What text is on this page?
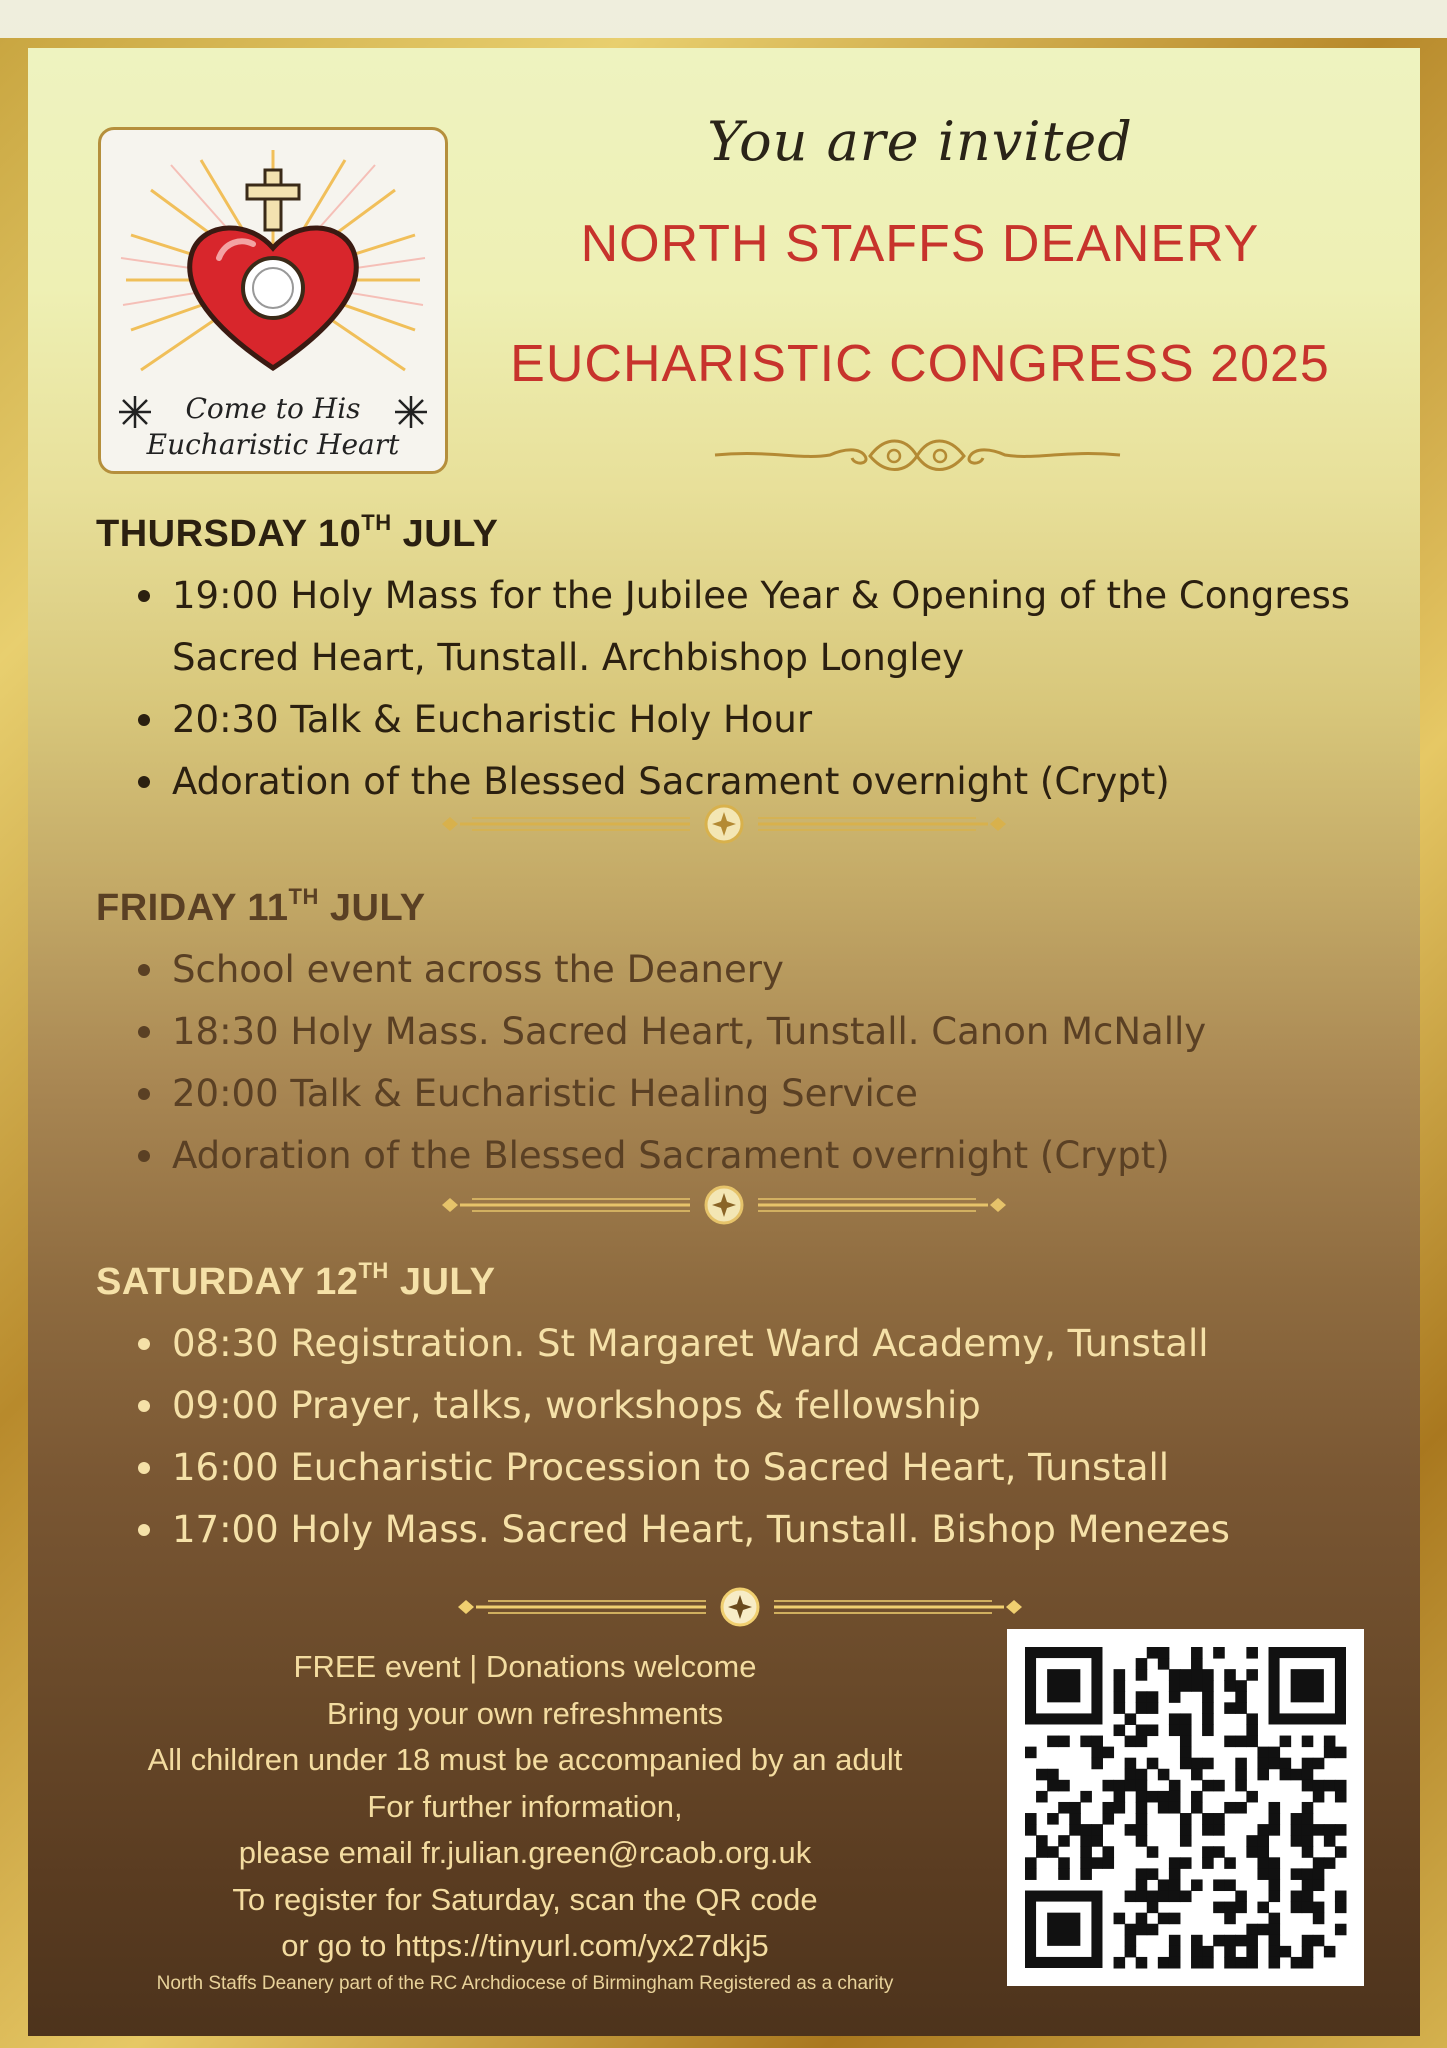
Come to His
Eucharistic Heart
You are invited
NORTH STAFFS DEANERY
EUCHARISTIC CONGRESS 2025
THURSDAY 10TH JULY
19:00 Holy Mass for the Jubilee Year & Opening of the Congress
Sacred Heart, Tunstall. Archbishop Longley
20:30 Talk & Eucharistic Holy Hour
Adoration of the Blessed Sacrament overnight (Crypt)
FRIDAY 11TH JULY
School event across the Deanery
18:30 Holy Mass. Sacred Heart, Tunstall. Canon McNally
20:00 Talk & Eucharistic Healing Service
Adoration of the Blessed Sacrament overnight (Crypt)
SATURDAY 12TH JULY
08:30 Registration. St Margaret Ward Academy, Tunstall
09:00 Prayer, talks, workshops & fellowship
16:00 Eucharistic Procession to Sacred Heart, Tunstall
17:00 Holy Mass. Sacred Heart, Tunstall. Bishop Menezes
FREE event | Donations welcome
Bring your own refreshments
All children under 18 must be accompanied by an adult
For further information,
please email fr.julian.green@rcaob.org.uk
To register for Saturday, scan the QR code
or go to https://tinyurl.com/yx27dkj5
North Staffs Deanery part of the RC Archdiocese of Birmingham Registered as a charity
